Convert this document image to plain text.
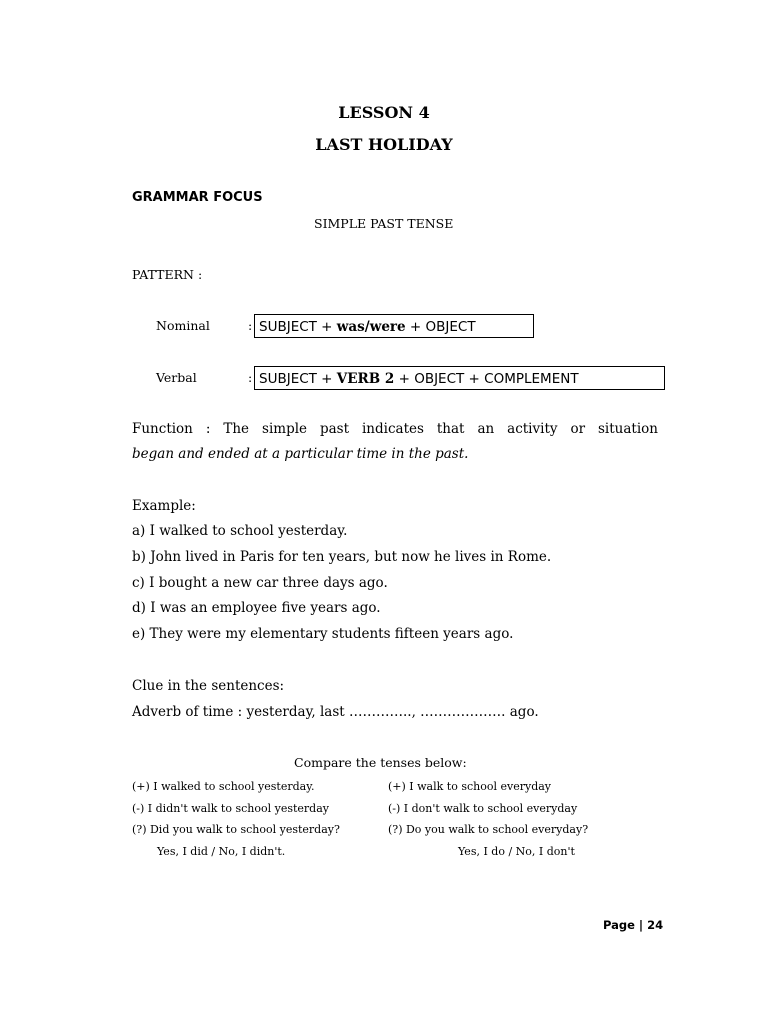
LESSON 4
LAST HOLIDAY
GRAMMAR FOCUS
SIMPLE PAST TENSE
PATTERN :
Nominal	: SUBJECT + was/were + OBJECT
Verbal	: SUBJECT + VERB 2 + OBJECT + COMPLEMENT
Function : The simple past indicates that an activity or situation
began and ended at a particular time in the past.
Example:
a) I walked to school yesterday.
b) John lived in Paris for ten years, but now he lives in Rome.
c) I bought a new car three days ago.
d) I was an employee five years ago.
e) They were my elementary students fifteen years ago.
Clue in the sentences:
Adverb of time : yesterday, last ………….., ………………. ago.
Compare the tenses below:
(+) I walked to school yesterday.
(-) I didn't walk to school yesterday
(?) Did you walk to school yesterday?
Yes, I did / No, I didn't.
(+) I walk to school everyday
(-) I don't walk to school everyday
(?) Do you walk to school everyday?
Yes, I do / No, I don't
Page | 24
